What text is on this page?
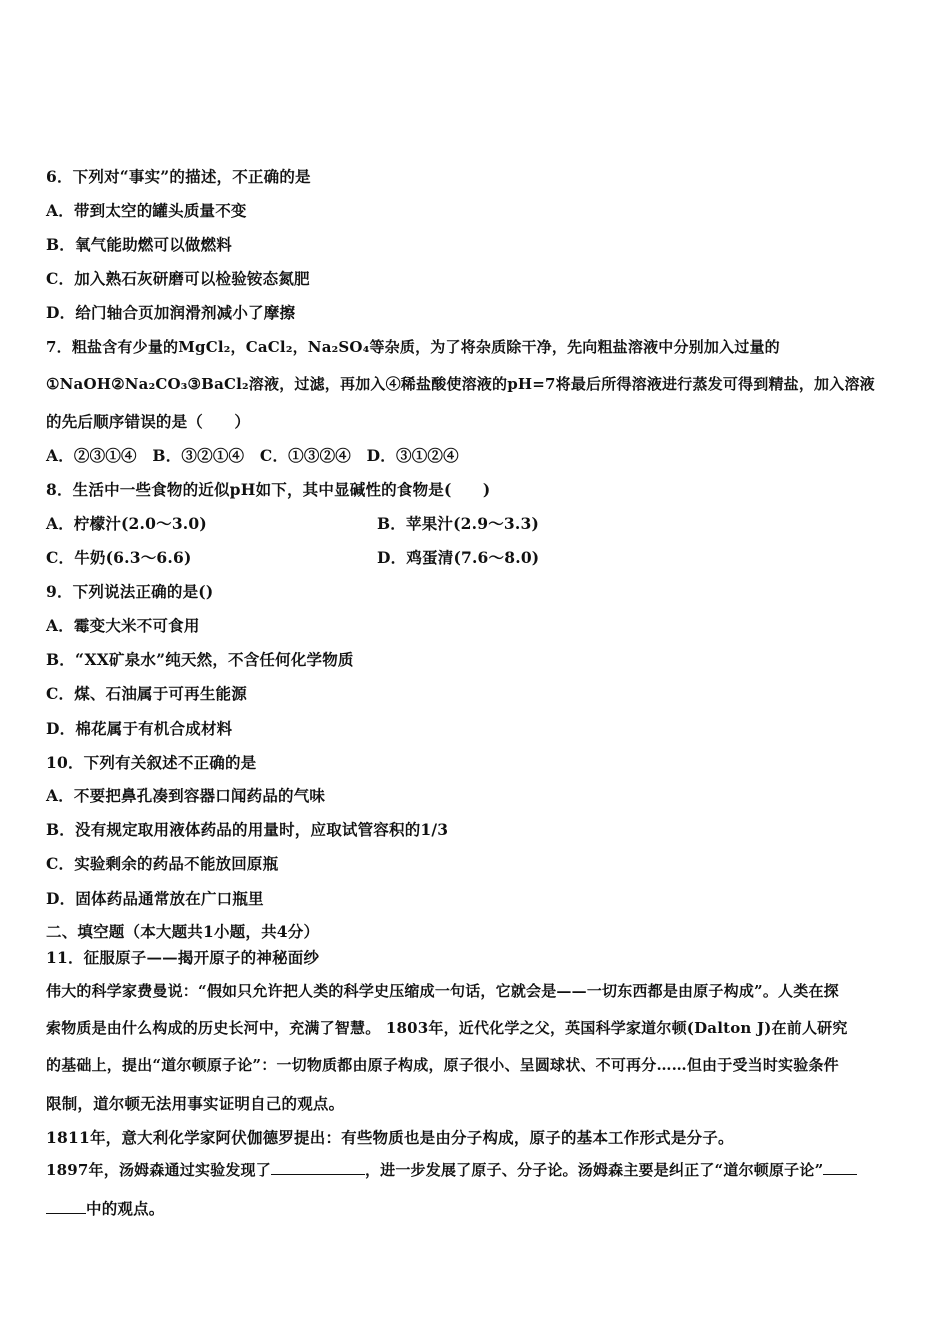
6．下列对“事实”的描述，不正确的是
A．带到太空的罐头质量不变
B．氧气能助燃可以做燃料
C．加入熟石灰研磨可以检验铵态氮肥
D．给门轴合页加润滑剂减小了摩擦
7．粗盐含有少量的MgCl₂，CaCl₂，Na₂SO₄等杂质，为了将杂质除干净，先向粗盐溶液中分别加入过量的
①NaOH②Na₂CO₃③BaCl₂溶液，过滤，再加入④稀盐酸使溶液的pH=7将最后所得溶液进行蒸发可得到精盐，加入溶液
的先后顺序错误的是（　　）
A．②③①④　B．③②①④　C．①③②④　D．③①②④
8．生活中一些食物的近似pH如下，其中显碱性的食物是(　　)
A．柠檬汁(2.0～3.0)	B．苹果汁(2.9～3.3)
C．牛奶(6.3～6.6)	D．鸡蛋清(7.6～8.0)
9．下列说法正确的是()
A．霉变大米不可食用
B．“XX矿泉水”纯天然，不含任何化学物质
C．煤、石油属于可再生能源
D．棉花属于有机合成材料
10．下列有关叙述不正确的是
A．不要把鼻孔凑到容器口闻药品的气味
B．没有规定取用液体药品的用量时，应取试管容积的1/3
C．实验剩余的药品不能放回原瓶
D．固体药品通常放在广口瓶里
二、填空题（本大题共1小题，共4分）
11．征服原子——揭开原子的神秘面纱
伟大的科学家费曼说：“假如只允许把人类的科学史压缩成一句话，它就会是——一切东西都是由原子构成”。人类在探
索物质是由什么构成的历史长河中，充满了智慧。 1803年，近代化学之父，英国科学家道尔顿(Dalton J)在前人研究
的基础上，提出“道尔顿原子论”：一切物质都由原子构成，原子很小、呈圆球状、不可再分……但由于受当时实验条件
限制，道尔顿无法用事实证明自己的观点。
1811年，意大利化学家阿伏伽德罗提出：有些物质也是由分子构成，原子的基本工作形式是分子。
1897年，汤姆森通过实验发现了	，进一步发展了原子、分子论。汤姆森主要是纠正了“道尔顿原子论”
中的观点。
